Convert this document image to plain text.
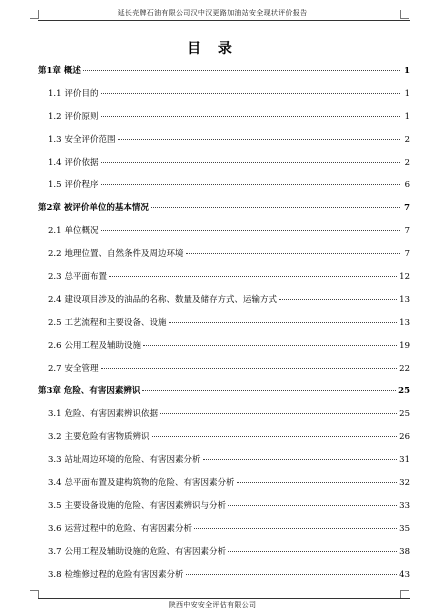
延长壳牌石油有限公司汉中汉更路加油站安全现状评价报告
目 录
第1章 概述	1
1.1 评价目的	1
1.2 评价原则	1
1.3 安全评价范围	2
1.4 评价依据	2
1.5 评价程序	6
第2章 被评价单位的基本情况	7
2.1 单位概况	7
2.2 地理位置、自然条件及周边环境	7
2.3 总平面布置	12
2.4 建设项目涉及的油品的名称、数量及储存方式、运输方式	13
2.5 工艺流程和主要设备、设施	13
2.6 公用工程及辅助设施	19
2.7 安全管理	22
第3章 危险、有害因素辨识	25
3.1 危险、有害因素辨识依据	25
3.2 主要危险有害物质辨识	26
3.3 站址周边环境的危险、有害因素分析	31
3.4 总平面布置及建构筑物的危险、有害因素分析	32
3.5 主要设备设施的危险、有害因素辨识与分析	33
3.6 运营过程中的危险、有害因素分析	35
3.7 公用工程及辅助设施的危险、有害因素分析	38
3.8 检维修过程的危险有害因素分析	43
陕西中安安全评估有限公司
